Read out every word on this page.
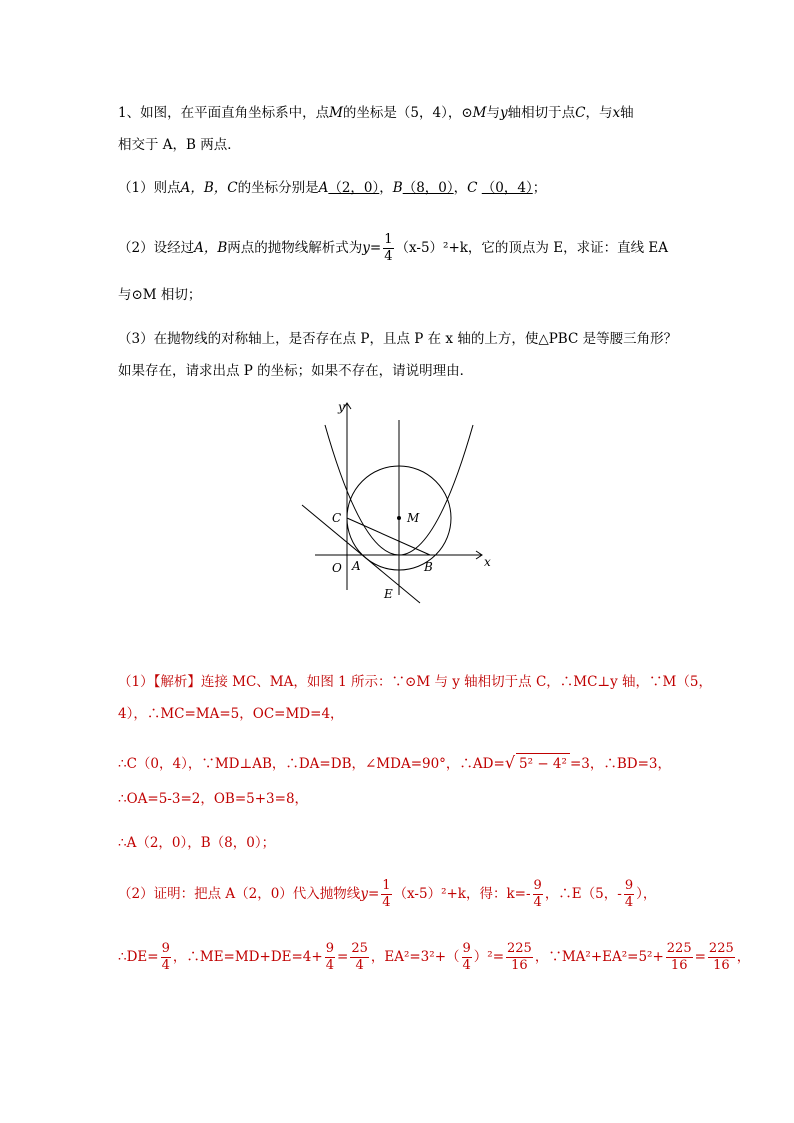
1、如图，在平面直角坐标系中，点M的坐标是（5，4），⊙M与y轴相切于点C，与x轴
相交于 A，B 两点．
（1）则点A，B，C的坐标分别是A（2，0），B（8，0），C （0，4）；
（2）设经过A，B两点的抛物线解析式为$y= \frac{1}{4} (x-5)^2+k$，它的顶点为 E，求证：直线 EA
与⊙M 相切；
（3）在抛物线的对称轴上，是否存在点 P，且点 P 在 x 轴的上方，使△PBC 是等腰三角形？
如果存在，请求出点 P 的坐标；如果不存在，请说明理由．
y
x
O A	B
C	M
E
（1）【解析】连接 MC、MA，如图 1 所示：∵⊙M 与 y 轴相切于点 C，∴MC⊥y 轴，∵M（5，
4），∴MC=MA=5，OC=MD=4，
∴C（0，4），∵MD⊥AB，∴DA=DB，∠MDA=90°，∴AD=√ 5² − 4² =3，∴BD=3，
∴OA=5-3=2，OB=5+3=8，
∴A（2，0），B（8，0）；
（2）证明：把点 A（2，0）代入抛物线$y= \frac{1}{4} (x-5)^2+k$，得：$k=- \frac{9}{4}$ ，∴E（5，- $\frac{9}{4}$ ），
∴DE= $\frac{9}{4}$ ，∴ME=MD+DE=4+ $\frac{9}{4} = \frac{25}{4}$ ，$EA^2=3^2+( \frac{9}{4} )^2= \frac{225}{16}$ ，∵MA²+EA²=5²+ $\frac{225}{16} = \frac{225}{16}$ ，
